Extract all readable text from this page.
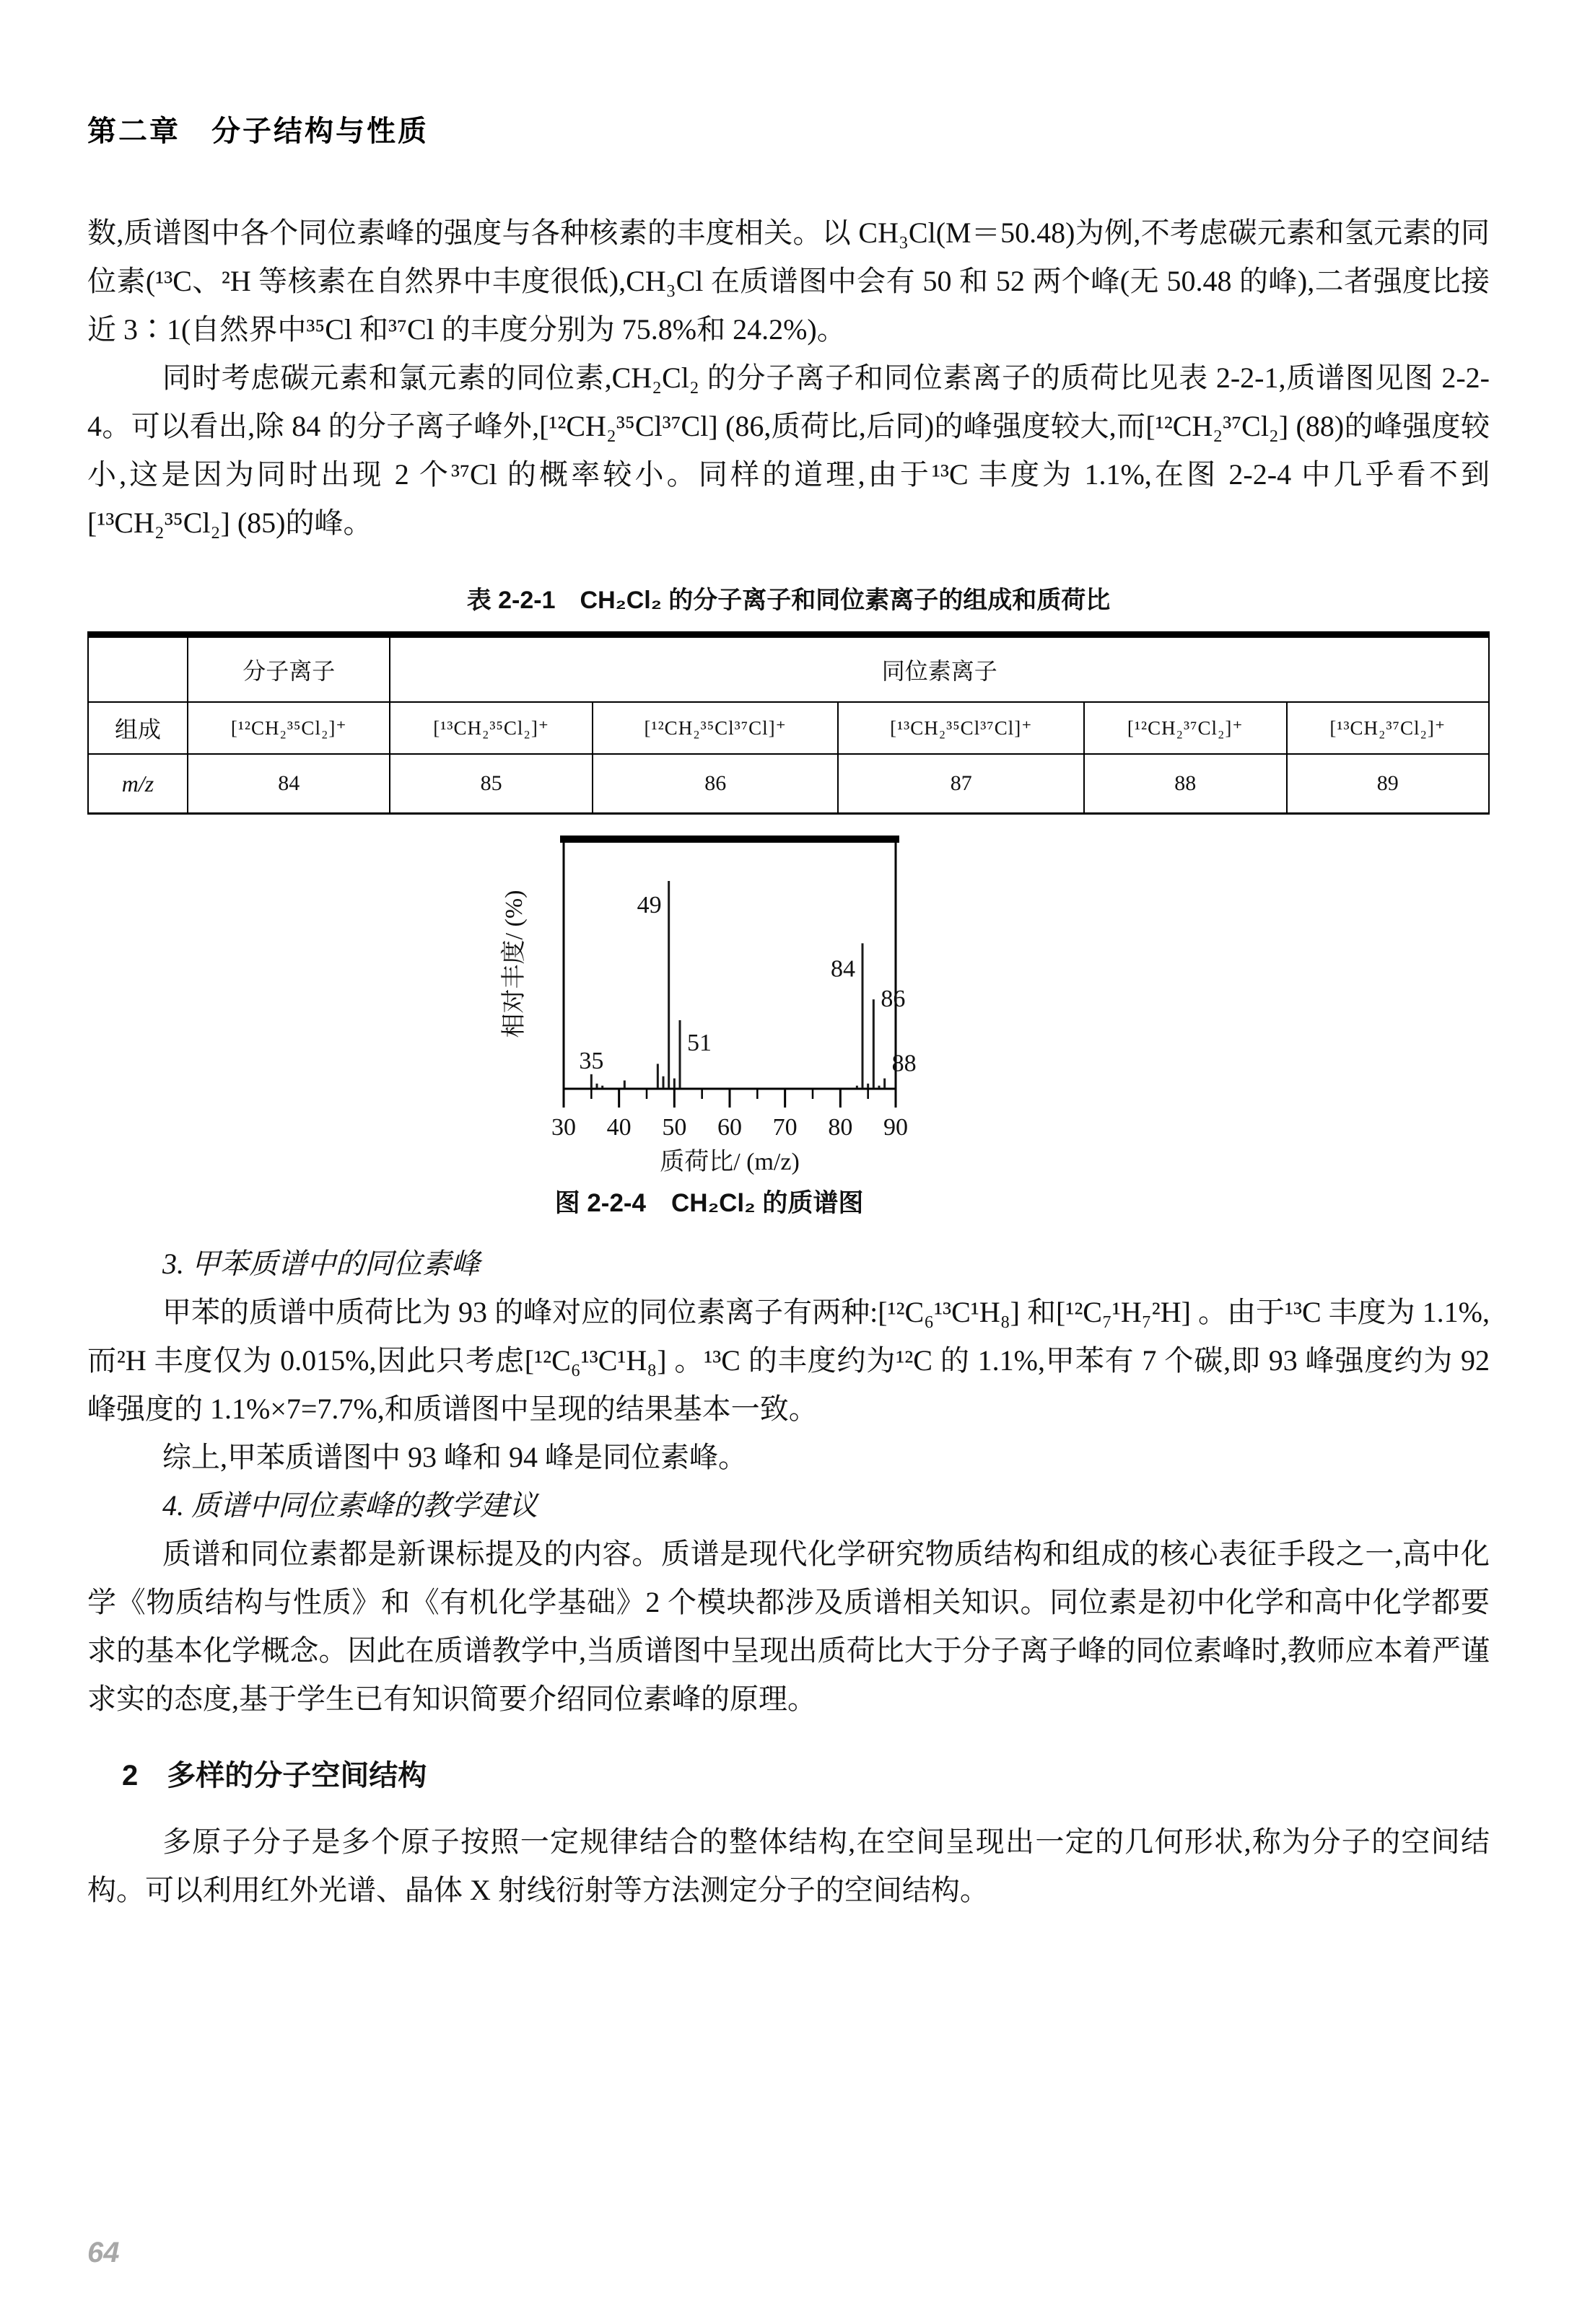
第二章　分子结构与性质

数,质谱图中各个同位素峰的强度与各种核素的丰度相关。以 CH₃Cl(M＝50.48)为例,不考虑碳元素和氢元素的同位素(¹³C、²H 等核素在自然界中丰度很低),CH₃Cl 在质谱图中会有 50 和 52 两个峰(无 50.48 的峰),二者强度比接近 3∶1(自然界中³⁵Cl 和³⁷Cl 的丰度分别为 75.8%和 24.2%)。

同时考虑碳元素和氯元素的同位素,CH₂Cl₂ 的分子离子和同位素离子的质荷比见表 2-2-1,质谱图见图 2-2-4。可以看出,除 84 的分子离子峰外,[¹²CH₂³⁵Cl³⁷Cl] (86,质荷比,后同)的峰强度较大,而[¹²CH₂³⁷Cl₂] (88)的峰强度较小,这是因为同时出现 2 个³⁷Cl 的概率较小。同样的道理,由于¹³C 丰度为 1.1%,在图 2-2-4 中几乎看不到[¹³CH₂³⁵Cl₂] (85)的峰。

表 2-2-1　CH₂Cl₂ 的分子离子和同位素离子的组成和质荷比
	分子离子	同位素离子				
组成	[¹²CH₂³⁵Cl₂]⁺	[¹³CH₂³⁵Cl₂]⁺	[¹²CH₂³⁵Cl³⁷Cl]⁺	[¹³CH₂³⁵Cl³⁷Cl]⁺	[¹²CH₂³⁷Cl₂]⁺	[¹³CH₂³⁷Cl₂]⁺
m/z	84	85	86	87	88	89
30 40 50 60 70 80 90
35
49
51
84
86
88
质荷比/ (m/z)
相对丰度/ (%)
图 2-2-4　CH₂Cl₂ 的质谱图

3. 甲苯质谱中的同位素峰

甲苯的质谱中质荷比为 93 的峰对应的同位素离子有两种:[¹²C₆¹³C¹H₈] 和[¹²C₇¹H₇²H] 。由于¹³C 丰度为 1.1%,而²H 丰度仅为 0.015%,因此只考虑[¹²C₆¹³C¹H₈] 。¹³C 的丰度约为¹²C 的 1.1%,甲苯有 7 个碳,即 93 峰强度约为 92 峰强度的 1.1%×7=7.7%,和质谱图中呈现的结果基本一致。

综上,甲苯质谱图中 93 峰和 94 峰是同位素峰。

4. 质谱中同位素峰的教学建议

质谱和同位素都是新课标提及的内容。质谱是现代化学研究物质结构和组成的核心表征手段之一,高中化学《物质结构与性质》和《有机化学基础》2 个模块都涉及质谱相关知识。同位素是初中化学和高中化学都要求的基本化学概念。因此在质谱教学中,当质谱图中呈现出质荷比大于分子离子峰的同位素峰时,教师应本着严谨求实的态度,基于学生已有知识简要介绍同位素峰的原理。

2　多样的分子空间结构

多原子分子是多个原子按照一定规律结合的整体结构,在空间呈现出一定的几何形状,称为分子的空间结构。可以利用红外光谱、晶体 X 射线衍射等方法测定分子的空间结构。

64
